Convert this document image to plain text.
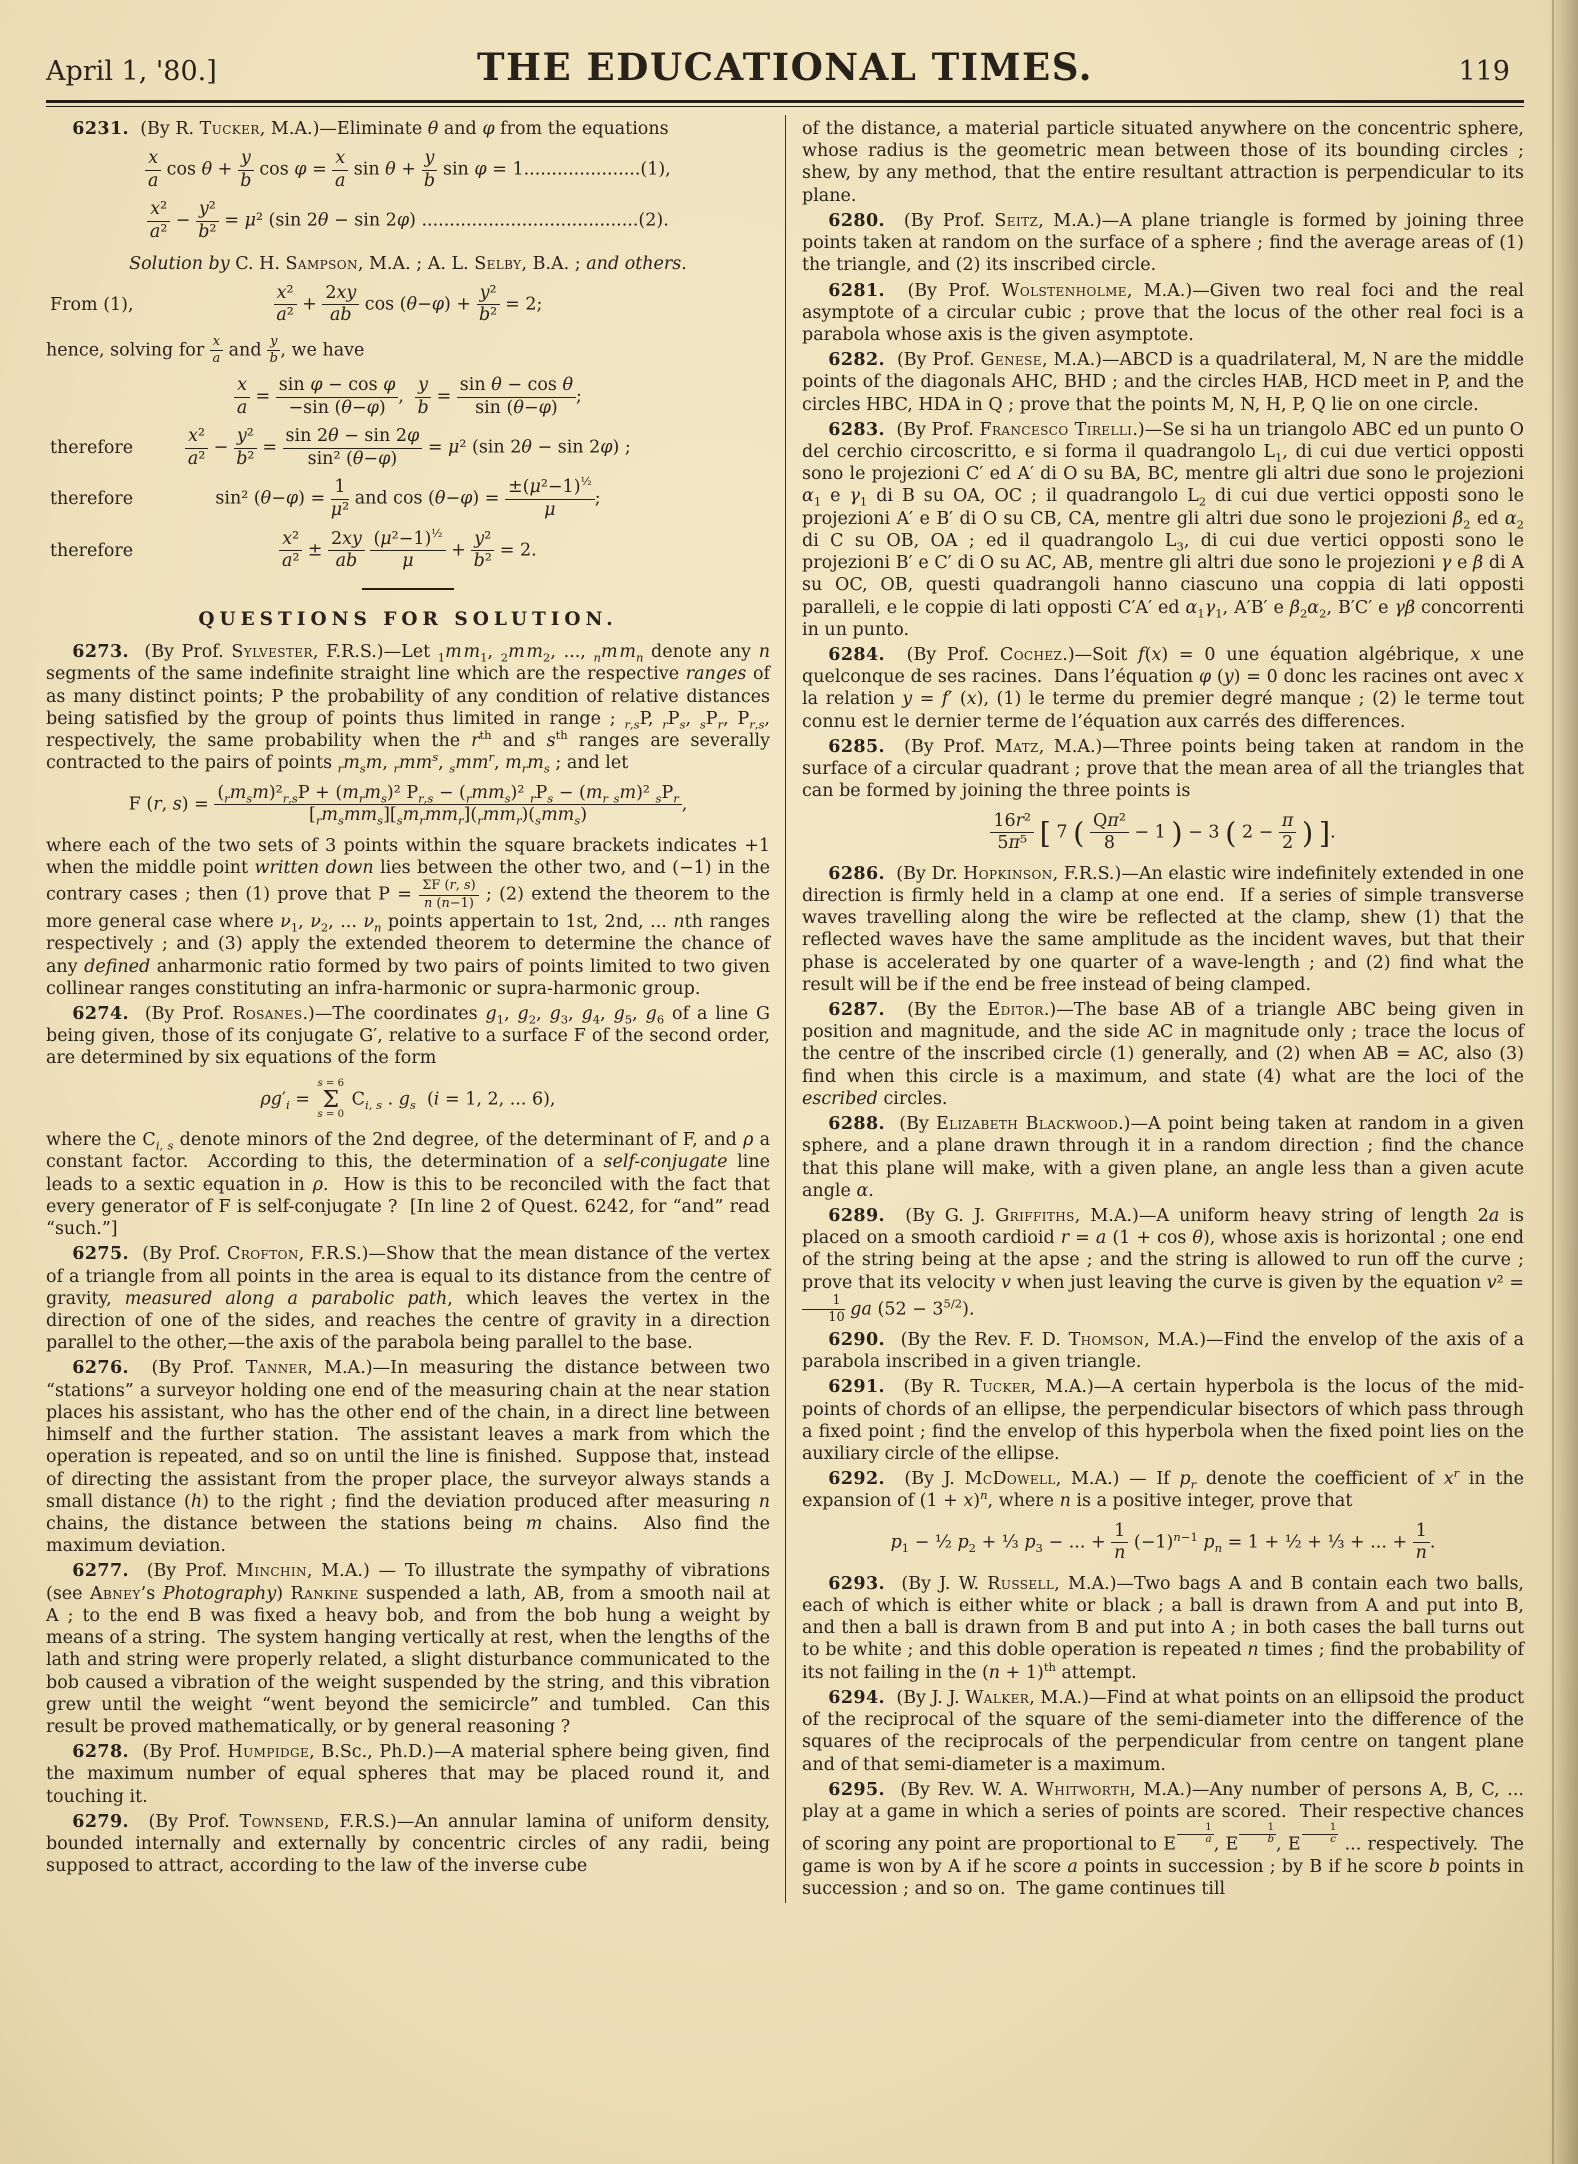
April 1, '80.]	THE EDUCATIONAL TIMES.	119
6231.  (By R. Tucker, M.A.)—Eliminate θ and φ from the equations
$\frac{x}{a}$ $\cos \theta + \frac{y}{b}$ $\cos \varphi = \frac{x}{a}$ $\sin \theta + \frac{y}{b}$ sin φ = 1.....................(1),
$\frac{\text{x²}}{\text{a²}} - \frac{\text{y²}}{\text{b²}} = \mu^2$ (sin 2θ − sin 2φ) .......................................(2).
Solution by C. H. Sampson, M.A. ; A. L. Selby, B.A. ; and others.
From (1),	$\frac{\text{x²}}{\text{a²}} + \frac{2xy}{ab}$ $\cos (\theta-\varphi) + \frac{\text{y²}}{\text{b²}} = 2$;
hence, solving for $\frac{x}{a}$ and $\frac{y}{b}$ , we have
$\frac{x}{a} = \frac{\text{sin φ − cos φ}}{-\sin (\theta-\varphi)}$ , $\frac{y}{b} = \frac{\text{sin θ − cos θ}}{\sin (\theta-\varphi)}$ ;
therefore	$\frac{\text{x²}}{\text{a²}} - \frac{\text{y²}}{\text{b²}} = \frac{\sin 2\theta - \sin 2\varphi}{\text{sin² (θ−φ)}} = \mu^2$ (sin 2θ − sin 2φ) ;
therefore	sin² $(\theta-\varphi) = \frac{1}{\text{μ²}}$ and $\cos (\theta-\varphi) = \frac{\pm(\mu^2-1)^{\frac{1}{2}}}{\mu}$ ;
therefore	$\frac{\text{x²}}{\text{a²}} \pm \frac{2xy}{ab}$
$\frac{(\mu^2-1)^{\frac{1}{2}}}{\mu} + \frac{\text{y²}}{\text{b²}} = 2$.
QUESTIONS FOR SOLUTION.
6273.  (By Prof. Sylvester, F.R.S.)—Let $_1$m  $m_1$, $_2$m  $m_2$, ..., $_n$m  $m_n$ denote any n segments of the same indefinite straight line which are the respective ranges of as many distinct points; P the probability of any condition of relative distances being satisfied by the group of points thus limited in range ; $_{r,s}$P, $_rP_s$, $_sP_r$, $P_{r,s}$, respectively, the same probability when the $r^{th}$ and $s^{th}$ ranges are severally contracted to the pairs of points $_rm_sm$, $_rmm^s$, $_smm^r$, $m_rm_s$ ; and let
F (r, s) =
$(_rm_sm)^2_{r,s}P + (m_rm_s)^2$ $P_{r,s} - (_rmm_s)^2$ $_rP_s - (m_r$ $_s$m)² $_sP_r$
$[_rm_smm_s][_sm_rmm_r](_rmm_r)(_smm_s)$
,
where each of the two sets of 3 points within the square brackets indicates +1 when the middle point written down lies between the other two, and (−1) in the contrary cases ; then (1) prove that $P = \frac{\Sigma F (r, s)}{n (n-1)}$ ; (2) extend the theorem to the more general case where $\nu_1$, $\nu_2$, ... $\nu_n$ points appertain to 1st, 2nd, ... nth ranges respectively ; and (3) apply the extended theorem to determine the chance of any defined anharmonic ratio formed by two pairs of points limited to two given collinear ranges constituting an infra-harmonic or supra-harmonic group.
6274.  (By Prof. Rosanes.)—The coordinates $g_1$, $g_2$, $g_3$, $g_4$, $g_5$, $g_6$ of a line G being given, those of its conjugate G′, relative to a surface F of the second order, are determined by six equations of the form
$\rho g'_i$ =
s = 6
Σ
s = 0
$C_{i, s}$ . $g_s$  (i = 1, 2, ... 6),
where the $C_{i, s}$ denote minors of the 2nd degree, of the determinant of F, and ρ a constant factor.  According to this, the determination of a self-conjugate line leads to a sextic equation in ρ.  How is this to be reconciled with the fact that every generator of F is self-conjugate ?  [In line 2 of Quest. 6242, for “and” read “such.”]
6275.  (By Prof. Crofton, F.R.S.)—Show that the mean distance of the vertex of a triangle from all points in the area is equal to its distance from the centre of gravity, measured along a parabolic path, which leaves the vertex in the direction of one of the sides, and reaches the centre of gravity in a direction parallel to the other,—the axis of the parabola being parallel to the base.
6276.  (By Prof. Tanner, M.A.)—In measuring the distance between two “stations” a surveyor holding one end of the measuring chain at the near station places his assistant, who has the other end of the chain, in a direct line between himself and the further station.  The assistant leaves a mark from which the operation is repeated, and so on until the line is finished.  Suppose that, instead of directing the assistant from the proper place, the surveyor always stands a small distance (h) to the right ; find the deviation produced after measuring n chains, the distance between the stations being m chains.  Also find the maximum deviation.
6277.  (By Prof. Minchin, M.A.) — To illustrate the sympathy of vibrations (see Abney’s Photography) Rankine suspended a lath, AB, from a smooth nail at A ; to the end B was fixed a heavy bob, and from the bob hung a weight by means of a string.  The system hanging vertically at rest, when the lengths of the lath and string were properly related, a slight disturbance communicated to the bob caused a vibration of the weight suspended by the string, and this vibration grew until the weight “went beyond the semicircle” and tumbled.  Can this result be proved mathematically, or by general reasoning ?
6278.  (By Prof. Humpidge, B.Sc., Ph.D.)—A material sphere being given, find the maximum number of equal spheres that may be placed round it, and touching it.
6279.  (By Prof. Townsend, F.R.S.)—An annular lamina of uniform density, bounded internally and externally by concentric circles of any radii, being supposed to attract, according to the law of the inverse cube
of the distance, a material particle situated anywhere on the concentric sphere, whose radius is the geometric mean between those of its bounding circles ; shew, by any method, that the entire resultant attraction is perpendicular to its plane.
6280.  (By Prof. Seitz, M.A.)—A plane triangle is formed by joining three points taken at random on the surface of a sphere ; find the average areas of (1) the triangle, and (2) its inscribed circle.
6281.  (By Prof. Wolstenholme, M.A.)—Given two real foci and the real asymptote of a circular cubic ; prove that the locus of the other real foci is a parabola whose axis is the given asymptote.
6282.  (By Prof. Genese, M.A.)—ABCD is a quadrilateral, M, N are the middle points of the diagonals AHC, BHD ; and the circles HAB, HCD meet in P, and the circles HBC, HDA in Q ; prove that the points M, N, H, P, Q lie on one circle.
6283.  (By Prof. Francesco Tirelli.)—Se si ha un triangolo ABC ed un punto O del cerchio circoscritto, e si forma il quadrangolo $L_1$, di cui due vertici opposti sono le projezioni C′ ed A′ di O su BA, BC, mentre gli altri due sono le projezioni $\alpha_1$ e $\gamma_1$ di B su OA, OC ; il quadrangolo $L_2$ di cui due vertici opposti sono le projezioni A′ e B′ di O su CB, CA, mentre gli altri due sono le projezioni $\beta_2$ ed $\alpha_2$ di C su OB, OA ; ed il quadrangolo $L_3$, di cui due vertici opposti sono le projezioni B′ e C′ di O su AC, AB, mentre gli altri due sono le projezioni γ e β di A su OC, OB, questi quadrangoli hanno ciascuno una coppia di lati opposti paralleli, e le coppie di lati opposti C′A′ ed $\alpha_1\gamma_1$, A′B′ e $\beta_2\alpha_2$, B′C′ e γβ concorrenti in un punto.
6284.  (By Prof. Cochez.)—Soit f(x) = 0 une équation algébrique, x une quelconque de ses racines.  Dans l’équation φ (y) = 0 donc les racines ont avec x la relation y = f′ (x), (1) le terme du premier degré manque ; (2) le terme tout connu est le dernier terme de l’équation aux carrés des differences.
6285.  (By Prof. Matz, M.A.)—Three points being taken at random in the surface of a circular quadrant ; prove that the mean area of all the triangles that can be formed by joining the three points is
$\frac{\text{16r²}}{\text{5π⁵}}$ [ 7 ( $\frac{\text{Qπ²}}{8} - 1$ ) − 3 ( $2 - \frac{\pi}{2}$ ) ].
6286.  (By Dr. Hopkinson, F.R.S.)—An elastic wire indefinitely extended in one direction is firmly held in a clamp at one end.  If a series of simple transverse waves travelling along the wire be reflected at the clamp, shew (1) that the reflected waves have the same amplitude as the incident waves, but that their phase is accelerated by one quarter of a wave-length ; and (2) find what the result will be if the end be free instead of being clamped.
6287.  (By the Editor.)—The base AB of a triangle ABC being given in position and magnitude, and the side AC in magnitude only ; trace the locus of the centre of the inscribed circle (1) generally, and (2) when AB = AC, also (3) find when this circle is a maximum, and state (4) what are the loci of the escribed circles.
6288.  (By Elizabeth Blackwood.)—A point being taken at random in a given sphere, and a plane drawn through it in a random direction ; find the chance that this plane will make, with a given plane, an angle less than a given acute angle α.
6289.  (By G. J. Griffiths, M.A.)—A uniform heavy string of length 2a is placed on a smooth cardioid r = a (1 + cos θ), whose axis is horizontal ; one end of the string being at the apse ; and the string is allowed to run off the curve ; prove that its velocity v when just leaving the curve is given by the equation v² =
$\frac{1}{10}$ ga $(52 - 3^{5/2})$.
6290.  (By the Rev. F. D. Thomson, M.A.)—Find the envelop of the axis of a parabola inscribed in a given triangle.
6291.  (By R. Tucker, M.A.)—A certain hyperbola is the locus of the mid-points of chords of an ellipse, the perpendicular bisectors of which pass through a fixed point ; find the envelop of this hyperbola when the fixed point lies on the auxiliary circle of the ellipse.
6292.  (By J. McDowell, M.A.) — If $p_r$ denote the coefficient of $x^r$ in the expansion of $(1 + x)^n$, where n is a positive integer, prove that
$p_1$ − ½ $p_2$ + ⅓ $p_3$ − ... + $\frac{1}{n} (-1)^{n-1}$ $p_n = 1$ + ½ + ⅓ + ... + $\frac{1}{n}$ .
6293.  (By J. W. Russell, M.A.)—Two bags A and B contain each two balls, each of which is either white or black ; a ball is drawn from A and put into B, and then a ball is drawn from B and put into A ; in both cases the ball turns out to be white ; and this doble operation is repeated n times ; find the probability of its not failing in the $(n + 1)^{th}$ attempt.
6294.  (By J. J. Walker, M.A.)—Find at what points on an ellipsoid the product of the reciprocal of the square of the semi-diameter into the difference of the squares of the reciprocals of the perpendicular from centre on tangent plane and of that semi-diameter is a maximum.
6295.  (By Rev. W. A. Whitworth, M.A.)—Any number of persons A, B, C, ... play at a game in which a series of points are scored.  Their respective chances of scoring any point are proportional to E $\frac{1}{a}$ , E $\frac{1}{b}$ , E $\frac{1}{c}$ ... respectively.  The game is won by A if he score a points in succession ; by B if he score b points in succession ; and so on.  The game continues till
